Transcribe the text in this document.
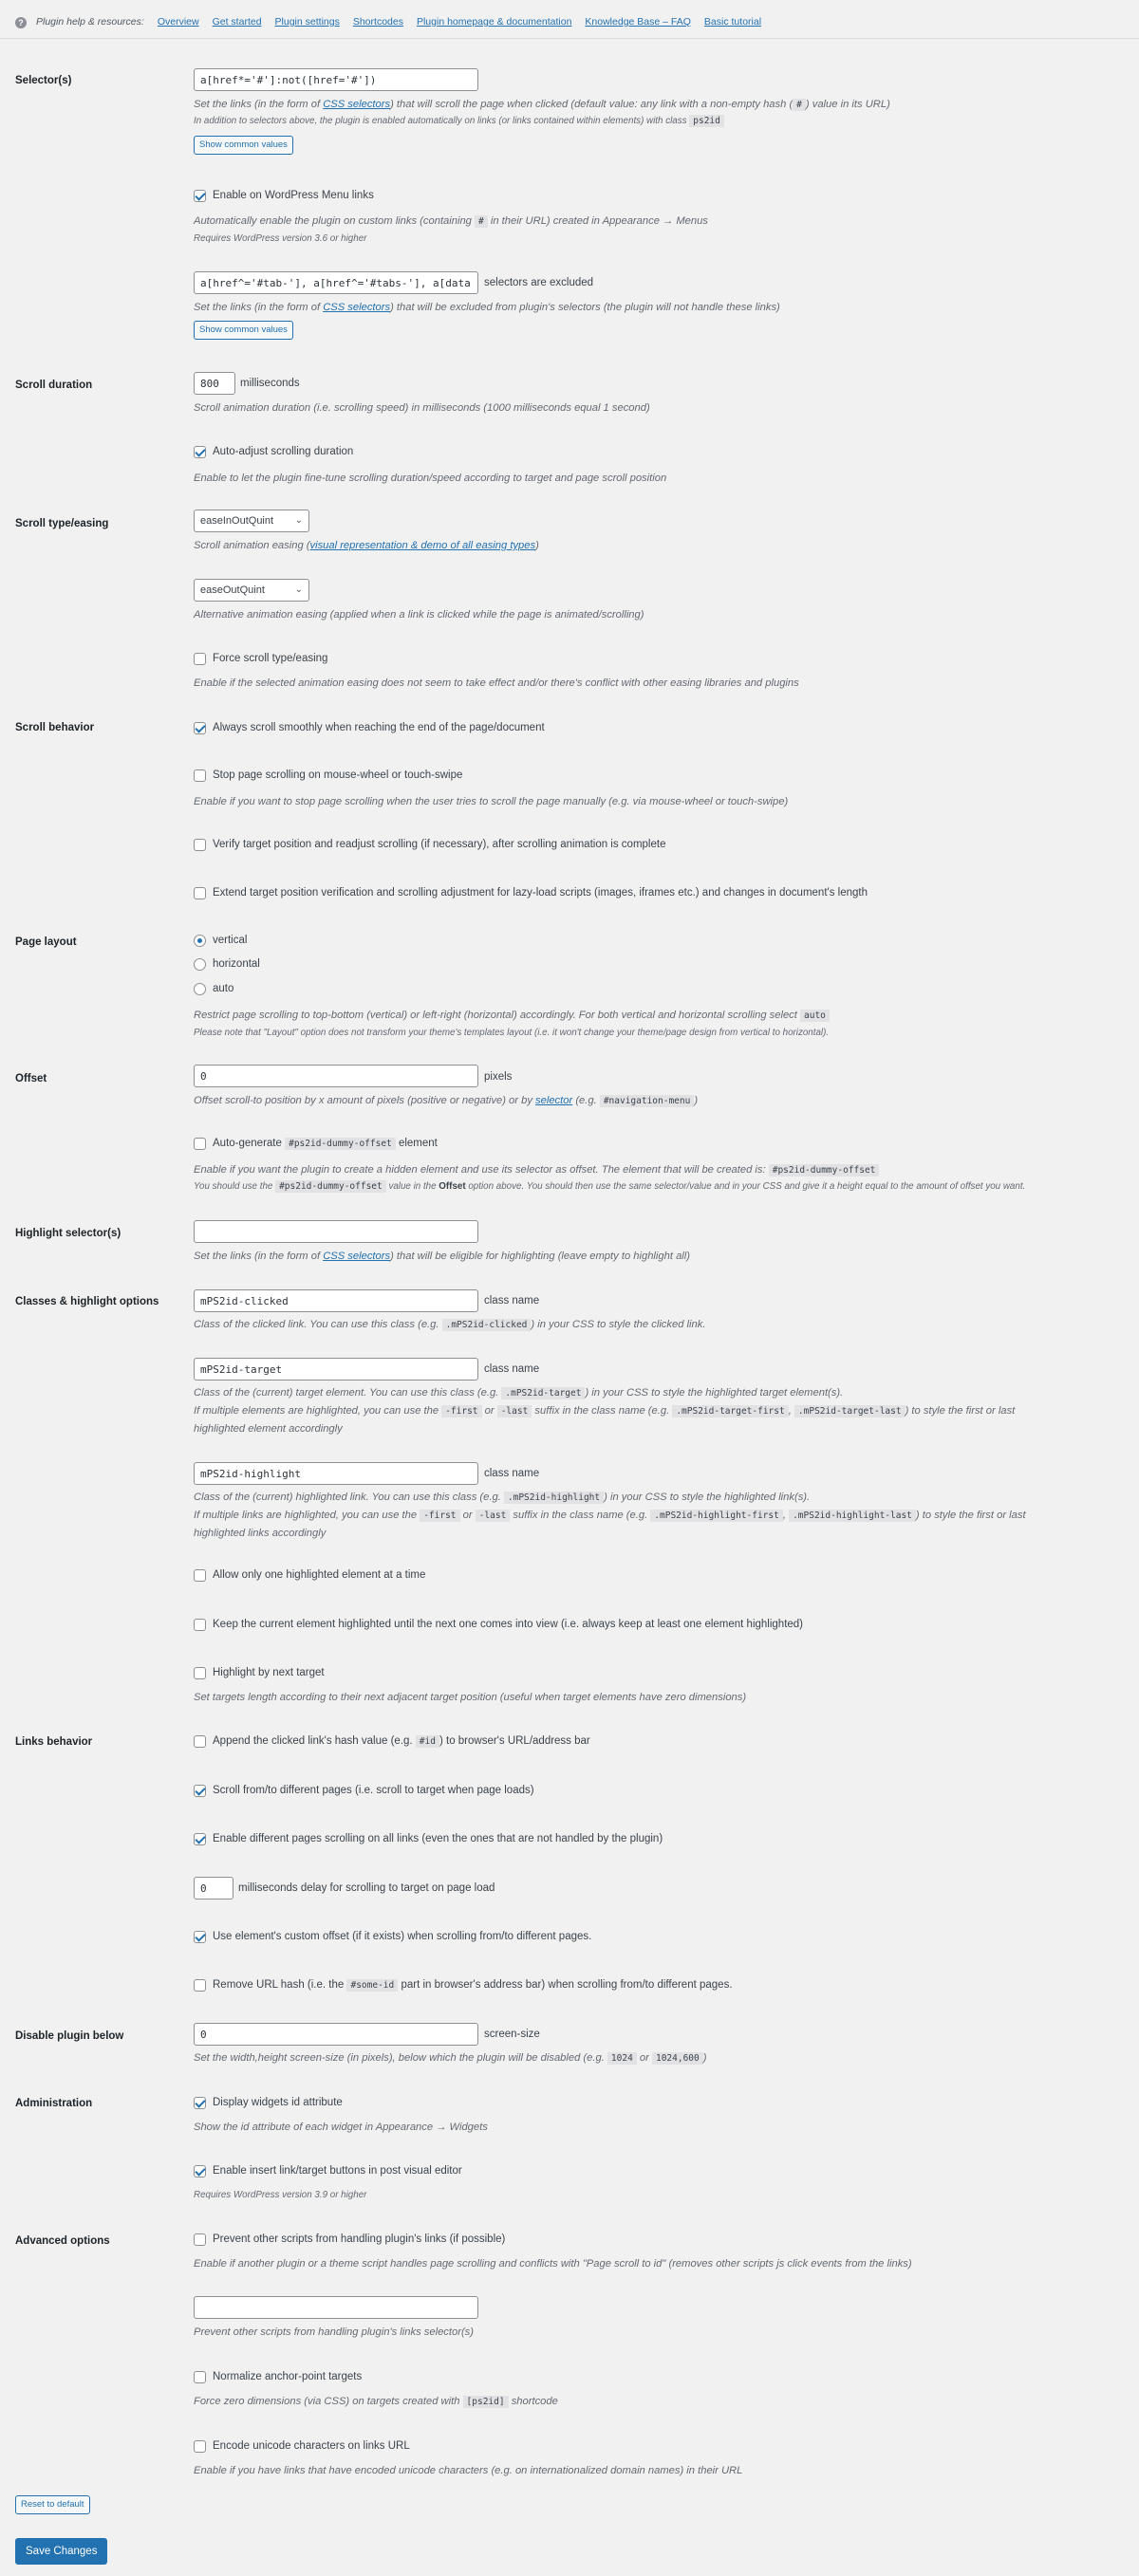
?	Plugin help & resources: Overview Get started Plugin settings Shortcodes Plugin homepage & documentation Knowledge Base – FAQ Basic tutorial
Selector(s)
a[href*='#']:not([href='#'])
Set the links (in the form of CSS selectors) that will scroll the page when clicked (default value: any link with a non-empty hash ( # ) value in its URL)
In addition to selectors above, the plugin is enabled automatically on links (or links contained within elements) with class ps2id
Show common values
Enable on WordPress Menu links
Automatically enable the plugin on custom links (containing # in their URL) created in Appearance → Menus
Requires WordPress version 3.6 or higher
a[href^='#tab-'], a[href^='#tabs-'], a[data
selectors are excluded
Set the links (in the form of CSS selectors) that will be excluded from plugin's selectors (the plugin will not handle these links)
Show common values
Scroll duration
800	milliseconds
Scroll animation duration (i.e. scrolling speed) in milliseconds (1000 milliseconds equal 1 second)
Auto-adjust scrolling duration
Enable to let the plugin fine-tune scrolling duration/speed according to target and page scroll position
Scroll type/easing	easeInOutQuint ⌄
Scroll animation easing (visual representation & demo of all easing types)
easeOutQuint	⌄
Alternative animation easing (applied when a link is clicked while the page is animated/scrolling)
Force scroll type/easing
Enable if the selected animation easing does not seem to take effect and/or there's conflict with other easing libraries and plugins
Scroll behavior	Always scroll smoothly when reaching the end of the page/document
Stop page scrolling on mouse-wheel or touch-swipe
Enable if you want to stop page scrolling when the user tries to scroll the page manually (e.g. via mouse-wheel or touch-swipe)
Verify target position and readjust scrolling (if necessary), after scrolling animation is complete
Extend target position verification and scrolling adjustment for lazy-load scripts (images, iframes etc.) and changes in document's length
Page layout	vertical
horizontal
auto
Restrict page scrolling to top-bottom (vertical) or left-right (horizontal) accordingly. For both vertical and horizontal scrolling select auto
Please note that "Layout" option does not transform your theme's templates layout (i.e. it won't change your theme/page design from vertical to horizontal).
Offset
0	pixels
Offset scroll-to position by x amount of pixels (positive or negative) or by selector (e.g. #navigation-menu )
Auto-generate #ps2id-dummy-offset element
Enable if you want the plugin to create a hidden element and use its selector as offset. The element that will be created is: #ps2id-dummy-offset
You should use the #ps2id-dummy-offset value in the Offset option above. You should then use the same selector/value and in your CSS and give it a height equal to the amount of offset you want.
Highlight selector(s)
Set the links (in the form of CSS selectors) that will be eligible for highlighting (leave empty to highlight all)
Classes & highlight options
mPS2id-clicked	class name
Class of the clicked link. You can use this class (e.g. .mPS2id-clicked ) in your CSS to style the clicked link.
mPS2id-target
class name
Class of the (current) target element. You can use this class (e.g. .mPS2id-target ) in your CSS to style the highlighted target element(s).
If multiple elements are highlighted, you can use the -first or -last suffix in the class name (e.g. .mPS2id-target-first , .mPS2id-target-last ) to style the first or last
highlighted element accordingly
mPS2id-highlight
class name
Class of the (current) highlighted link. You can use this class (e.g. .mPS2id-highlight ) in your CSS to style the highlighted link(s).
If multiple links are highlighted, you can use the -first or -last suffix in the class name (e.g. .mPS2id-highlight-first , .mPS2id-highlight-last ) to style the first or last
highlighted links accordingly
Allow only one highlighted element at a time
Keep the current element highlighted until the next one comes into view (i.e. always keep at least one element highlighted)
Highlight by next target
Set targets length according to their next adjacent target position (useful when target elements have zero dimensions)
Links behavior	Append the clicked link's hash value (e.g. #id ) to browser's URL/address bar
Scroll from/to different pages (i.e. scroll to target when page loads)
Enable different pages scrolling on all links (even the ones that are not handled by the plugin)
0
milliseconds delay for scrolling to target on page load
Use element's custom offset (if it exists) when scrolling from/to different pages.
Remove URL hash (i.e. the #some-id part in browser's address bar) when scrolling from/to different pages.
Disable plugin below
0	screen-size
Set the width,height screen-size (in pixels), below which the plugin will be disabled (e.g. 1024 or 1024,600 )
Administration	Display widgets id attribute
Show the id attribute of each widget in Appearance → Widgets
Enable insert link/target buttons in post visual editor
Requires WordPress version 3.9 or higher
Advanced options	Prevent other scripts from handling plugin's links (if possible)
Enable if another plugin or a theme script handles page scrolling and conflicts with "Page scroll to id" (removes other scripts js click events from the links)
Prevent other scripts from handling plugin's links selector(s)
Normalize anchor-point targets
Force zero dimensions (via CSS) on targets created with [ps2id] shortcode
Encode unicode characters on links URL
Enable if you have links that have encoded unicode characters (e.g. on internationalized domain names) in their URL
Reset to default
Save Changes
